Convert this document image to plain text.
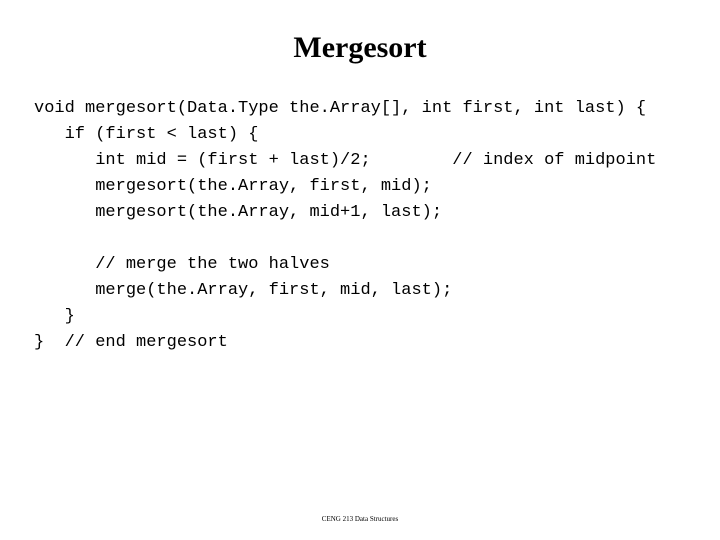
Mergesort
void mergesort(Data.Type the.Array[], int first, int last) {
if (first < last) {
int mid = (first + last)/2;        // index of midpoint
mergesort(the.Array, first, mid);
mergesort(the.Array, mid+1, last);
// merge the two halves
merge(the.Array, first, mid, last);
}
}  // end mergesort
CENG 213 Data Structures
